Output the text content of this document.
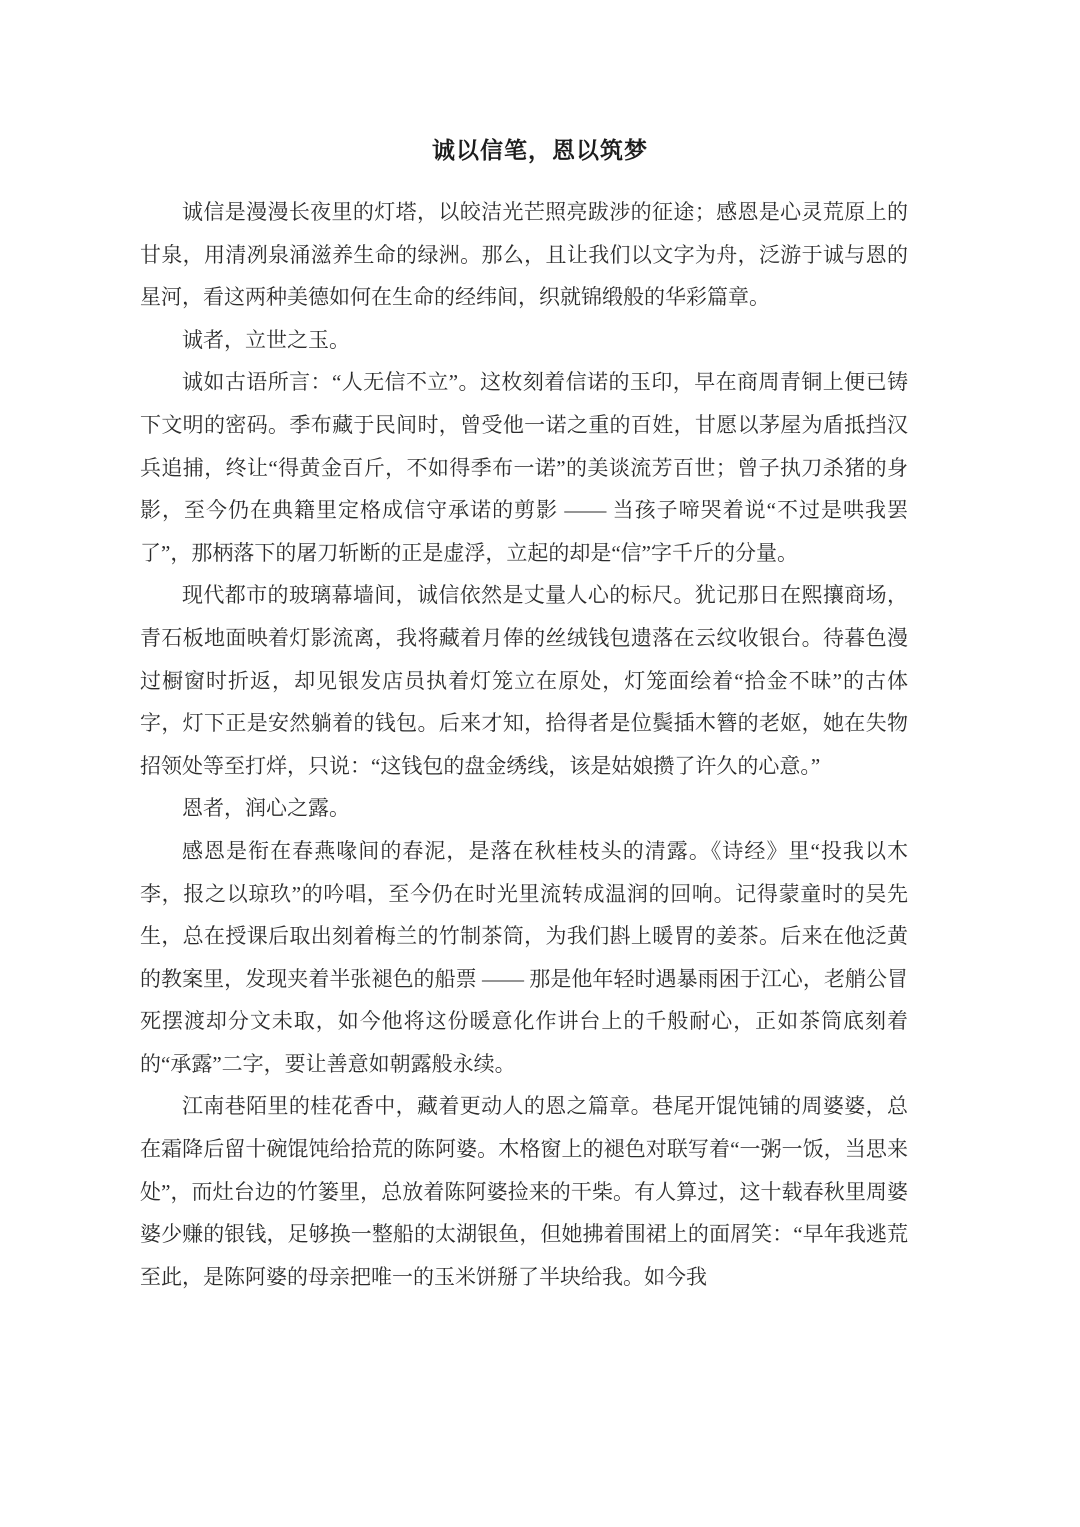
诚以信笔，恩以筑梦

诚信是漫漫长夜里的灯塔，以皎洁光芒照亮跋涉的征途；感恩是心灵荒原上的甘泉，用清冽泉涌滋养生命的绿洲。那么，且让我们以文字为舟，泛游于诚与恩的星河，看这两种美德如何在生命的经纬间，织就锦缎般的华彩篇章。

诚者，立世之玉。

诚如古语所言：“人无信不立”。这枚刻着信诺的玉印，早在商周青铜上便已铸下文明的密码。季布藏于民间时，曾受他一诺之重的百姓，甘愿以茅屋为盾抵挡汉兵追捕，终让“得黄金百斤，不如得季布一诺”的美谈流芳百世；曾子执刀杀猪的身影，至今仍在典籍里定格成信守承诺的剪影 —— 当孩子啼哭着说“不过是哄我罢了”，那柄落下的屠刀斩断的正是虚浮，立起的却是“信”字千斤的分量。

现代都市的玻璃幕墙间，诚信依然是丈量人心的标尺。犹记那日在熙攘商场，青石板地面映着灯影流离，我将藏着月俸的丝绒钱包遗落在云纹收银台。待暮色漫过橱窗时折返，却见银发店员执着灯笼立在原处，灯笼面绘着“拾金不昧”的古体字，灯下正是安然躺着的钱包。后来才知，拾得者是位鬓插木簪的老妪，她在失物招领处等至打烊，只说：“这钱包的盘金绣线，该是姑娘攒了许久的心意。”

恩者，润心之露。

感恩是衔在春燕喙间的春泥，是落在秋桂枝头的清露。《诗经》里“投我以木李，报之以琼玖”的吟唱，至今仍在时光里流转成温润的回响。记得蒙童时的吴先生，总在授课后取出刻着梅兰的竹制茶筒，为我们斟上暖胃的姜茶。后来在他泛黄的教案里，发现夹着半张褪色的船票 —— 那是他年轻时遇暴雨困于江心，老艄公冒死摆渡却分文未取，如今他将这份暖意化作讲台上的千般耐心，正如茶筒底刻着的“承露”二字，要让善意如朝露般永续。

江南巷陌里的桂花香中，藏着更动人的恩之篇章。巷尾开馄饨铺的周婆婆，总在霜降后留十碗馄饨给拾荒的陈阿婆。木格窗上的褪色对联写着“一粥一饭，当思来处”，而灶台边的竹篓里，总放着陈阿婆捡来的干柴。有人算过，这十载春秋里周婆婆少赚的银钱，足够换一整船的太湖银鱼，但她拂着围裙上的面屑笑：“早年我逃荒至此，是陈阿婆的母亲把唯一的玉米饼掰了半块给我。如今我
